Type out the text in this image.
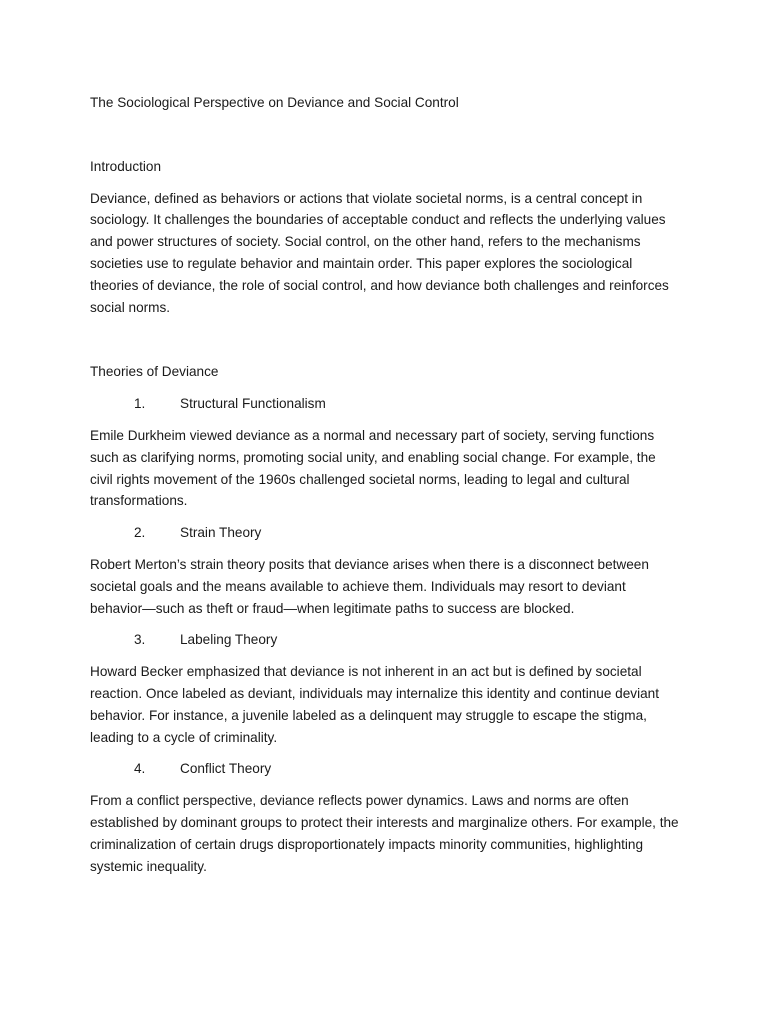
The Sociological Perspective on Deviance and Social Control
Introduction

Deviance, defined as behaviors or actions that violate societal norms, is a central concept in sociology. It challenges the boundaries of acceptable conduct and reflects the underlying values and power structures of society. Social control, on the other hand, refers to the mechanisms societies use to regulate behavior and maintain order. This paper explores the sociological theories of deviance, the role of social control, and how deviance both challenges and reinforces social norms.

Theories of Deviance
1.	Structural Functionalism

Emile Durkheim viewed deviance as a normal and necessary part of society, serving functions such as clarifying norms, promoting social unity, and enabling social change. For example, the civil rights movement of the 1960s challenged societal norms, leading to legal and cultural transformations.

2.	Strain Theory

Robert Merton’s strain theory posits that deviance arises when there is a disconnect between societal goals and the means available to achieve them. Individuals may resort to deviant behavior—such as theft or fraud—when legitimate paths to success are blocked.

3.	Labeling Theory

Howard Becker emphasized that deviance is not inherent in an act but is defined by societal reaction. Once labeled as deviant, individuals may internalize this identity and continue deviant behavior. For instance, a juvenile labeled as a delinquent may struggle to escape the stigma, leading to a cycle of criminality.

4.	Conflict Theory

From a conflict perspective, deviance reflects power dynamics. Laws and norms are often established by dominant groups to protect their interests and marginalize others. For example, the criminalization of certain drugs disproportionately impacts minority communities, highlighting systemic inequality.
